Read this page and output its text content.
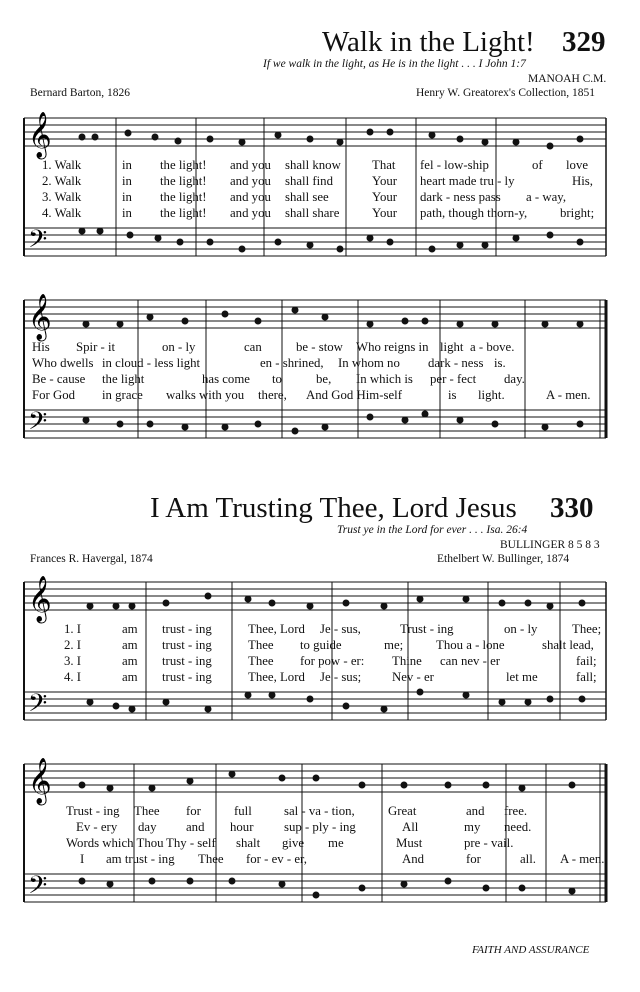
Walk in the Light! 329
If we walk in the light, as He is in the light . . . I John 1:7
MANOAH C.M.
Bernard Barton, 1826	Henry W. Greatorex's Collection, 1851
𝄞
𝄢
1. Walk	in the light! and you shall know That fel - low-ship	of love
2. Walk	in the light! and you shall find	Your heart made tru - ly	His,
3. Walk	in the light! and you shall see	Your dark - ness pass a - way,
4. Walk	in the light! and you shall share	Your path, though thorn-y,	bright;
𝄞
𝄢
His Spir - it	on - ly	can	be - stow Who reigns in light a - bove.
Who dwells in cloud - less light	en - shrined, In whom no dark - ness is.
Be - cause the light	has come to	be, In which is per - fect day.
For God in grace walks with you there, And God Him-self	is light.	A - men.
I Am Trusting Thee, Lord Jesus 330
Trust ye in the Lord for ever . . . Isa. 26:4
BULLINGER 8 5 8 3
Frances R. Havergal, 1874	Ethelbert W. Bullinger, 1874
𝄞
𝄢
1. I	am trust - ing	Thee, Lord Je - sus,	Trust - ing	on - ly	Thee;
2. I	am trust - ing	Thee to guide	me;	Thou a - lone	shalt lead,
3. I	am trust - ing	Thee for pow - er: Thine can nev - er	fail;
4. I	am trust - ing	Thee, Lord Je - sus; Nev - er	let me	fall;
𝄞
𝄢
Trust - ing Thee for	full	sal - va - tion,	Great	and free.
Ev - ery day and hour sup - ply - ing	All	my need.
Words which Thou Thy - self shalt give me	Must	pre - vail.
I am trust - ing Thee for - ev - er,	And	for	all. A - men.
FAITH AND ASSURANCE
